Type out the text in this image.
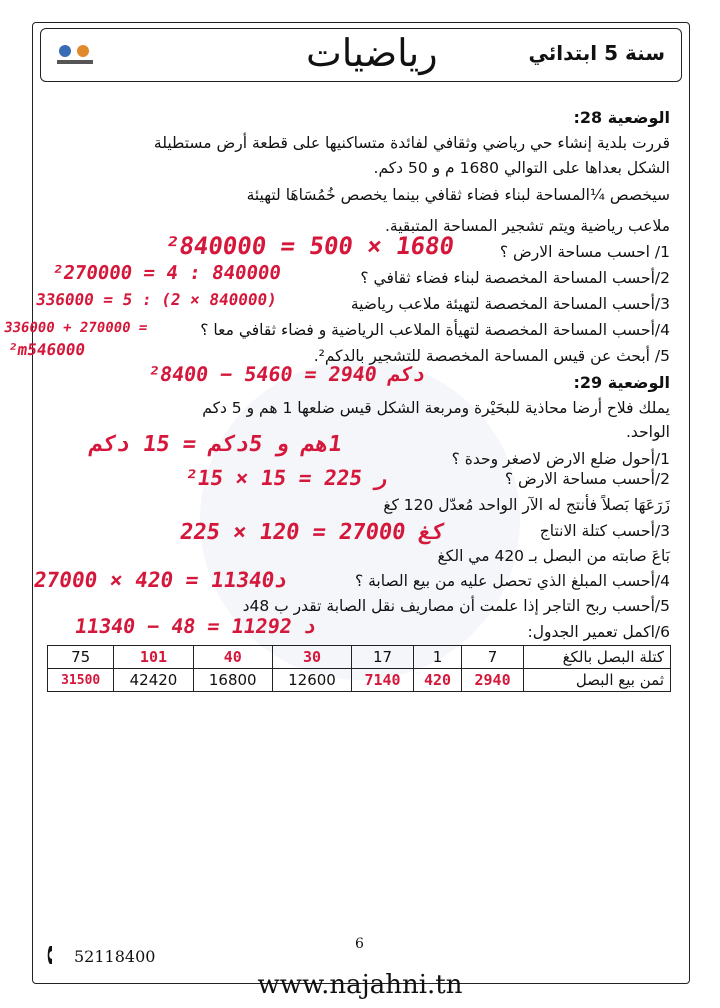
رياضيات	سنة 5 ابتدائي
الوضعية 28:
قررت بلدية إنشاء حي رياضي وثقافي لفائدة متساكنيها على قطعة أرض مستطيلة
الشكل بعداها على التوالي 1680 م و 50 دكم.
سيخصص ¼المساحة لبناء فضاء ثقافي بينما يخصص خُمُسَاهَا لتهيئة
ملاعب رياضية ويتم تشجير المساحة المتبقية.
1/ احسب مساحة الارض ؟
2/أحسب المساحة المخصصة لبناء فضاء ثقافي ؟
3/أحسب المساحة المخصصة لتهيئة ملاعب رياضية
4/أحسب المساحة المخصصة لتهيأة الملاعب الرياضية و فضاء ثقافي معا ؟
5/ أبحث عن قيس المساحة المخصصة للتشجير بالدكم².
²840000 = 500 × 1680
²270000 = 4 : 840000
336000 = 5 : (2 × 840000)
336000 + 270000 =
²m546000
²دكم 2940 = 5460 − 8400	الوضعية 29:
يملك فلاح أرضا محاذية للبحَيْرة ومربعة الشكل قيس ضلعها 1 هم و 5 دكم
الواحد.
1/أحول ضلع الارض لاصغر وحدة ؟
2/أحسب مساحة الارض ؟
زَرَعَهَا بَصلاً فأنتج له الآر الواحد مُعدّل 120 كغ
3/أحسب كتلة الانتاج
بَاعَ صابته من البصل بـ 420 مي الكغ
4/أحسب المبلغ الذي تحصل عليه من بيع الصابة ؟
5/أحسب ربح التاجر إذا علمت أن مصاريف نقل الصابة تقدر ب 48د
6/اكمل تعمير الجدول:
1هم و 5دكم = 15 دكم
²ر 225 = 15 × 15
كغ 27000 = 120 × 225
د11340 = 420 × 27000
د 11292 = 48 − 11340
75	101	40	30	17	1	7	كتلة البصل بالكغ
31500	42420	16800	12600	7140	420	2940	ثمن بيع البصل
52118400
6
www.najahni.tn
